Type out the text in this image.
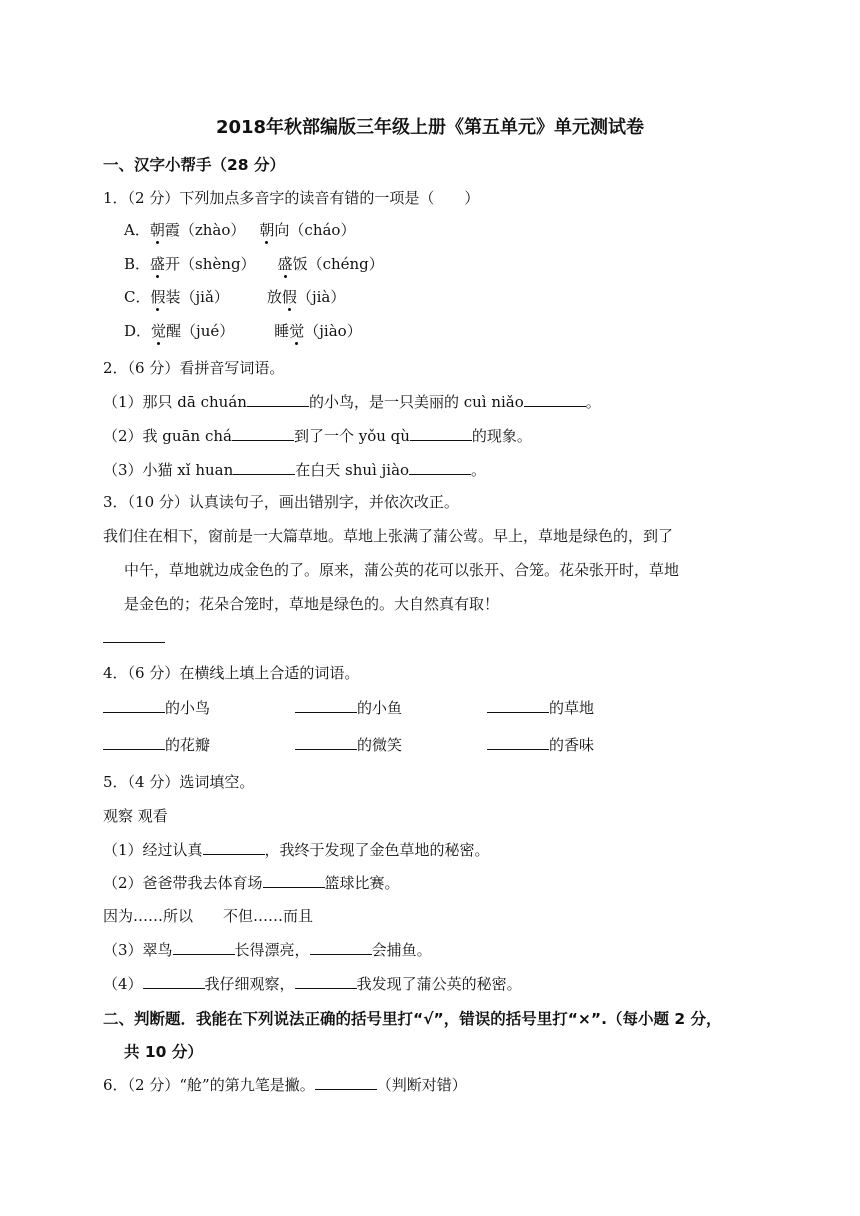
2018年秋部编版三年级上册《第五单元》单元测试卷
一、汉字小帮手（28 分）
1．（2 分）下列加点多音字的读音有错的一项是（　　）
A．朝霞（zhào） 朝向（cháo）
B．盛开（shèng） 盛饭（chéng）
C．假装（jiǎ）	放假（jià）
D．觉醒（jué）	睡觉（jiào）
2．（6 分）看拼音写词语。
（1）那只 dā chuán	的小鸟，是一只美丽的 cuì niǎo	。
（2）我 guān chá	到了一个 yǒu qù	的现象。
（3）小猫 xǐ huan	在白天 shuì jiào	。
3．（10 分）认真读句子，画出错别字，并依次改正。
我们住在相下，窗前是一大篇草地。草地上张满了蒲公莺。早上，草地是绿色的，到了
中午，草地就边成金色的了。原来，蒲公英的花可以张开、合笼。花朵张开时，草地
是金色的；花朵合笼时，草地是绿色的。大自然真有取！
4．（6 分）在横线上填上合适的词语。
的小鸟	的小鱼	的草地
的花瓣	的微笑	的香味
5．（4 分）选词填空。
观察 观看
（1）经过认真	，我终于发现了金色草地的秘密。
（2）爸爸带我去体育场	篮球比赛。
因为……所以　　不但……而且
（3）翠鸟	长得漂亮，	会捕鱼。
（4）	我仔细观察，	我发现了蒲公英的秘密。
二、判断题．我能在下列说法正确的括号里打“√”，错误的括号里打“×”.（每小题 2 分，
共 10 分）
6．（2 分）“舱”的第九笔是撇。	（判断对错）
